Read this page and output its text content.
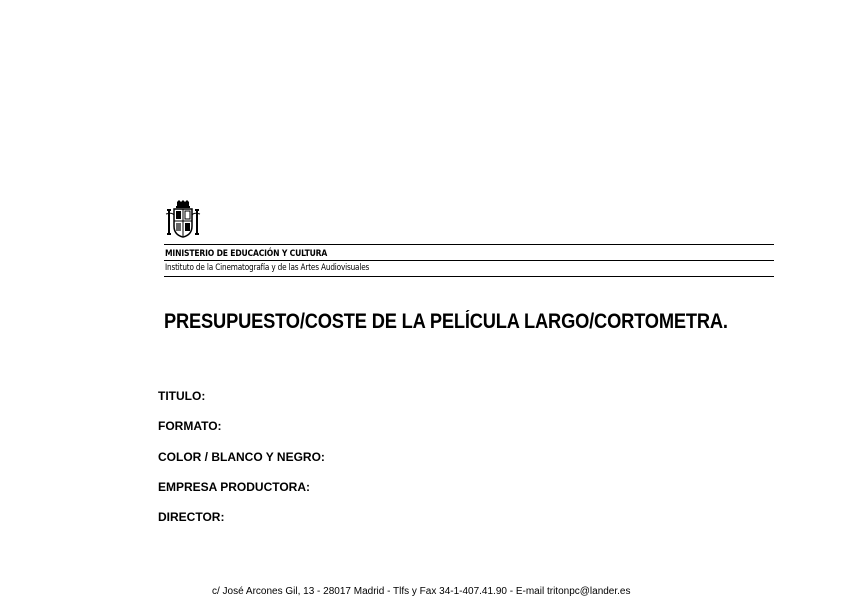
MINISTERIO DE EDUCACIÓN Y CULTURA
Instituto de la Cinematografía y de las Artes Audiovisuales
PRESUPUESTO/COSTE DE LA PELÍCULA LARGO/CORTOMETRA.
TITULO:
FORMATO:
COLOR / BLANCO Y NEGRO:
EMPRESA PRODUCTORA:
DIRECTOR:
c/ José Arcones Gil, 13 - 28017 Madrid - Tlfs y Fax 34-1-407.41.90 - E-mail tritonpc@lander.es
